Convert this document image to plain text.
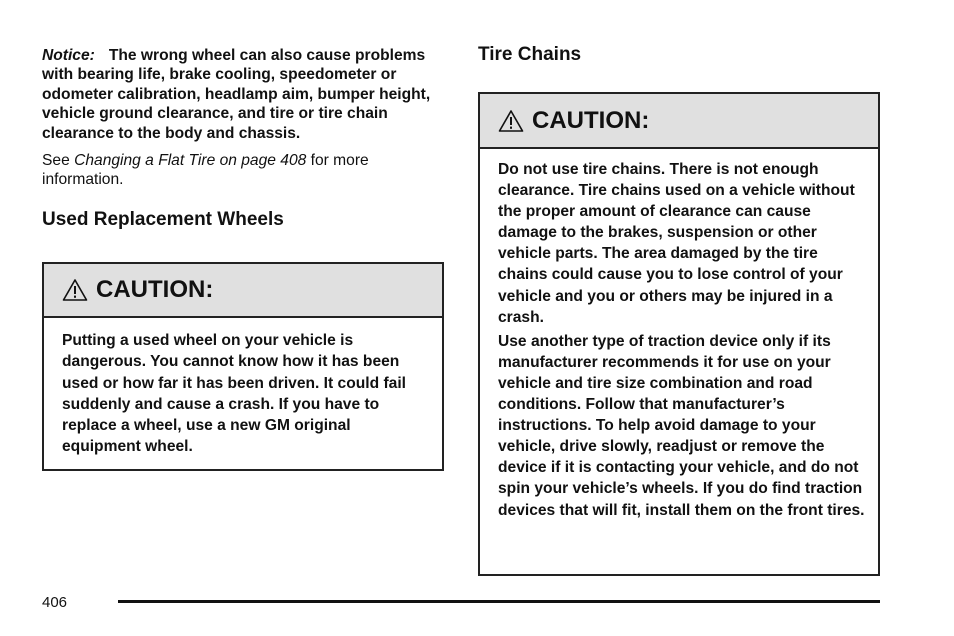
Notice: The wrong wheel can also cause problems with bearing life, brake cooling, speedometer or odometer calibration, headlamp aim, bumper height, vehicle ground clearance, and tire or tire chain clearance to the body and chassis.

See Changing a Flat Tire on page 408 for more information.

Used Replacement Wheels
CAUTION:

Putting a used wheel on your vehicle is dangerous. You cannot know how it has been used or how far it has been driven. It could fail suddenly and cause a crash. If you have to replace a wheel, use a new GM original equipment wheel.

Tire Chains
CAUTION:

Do not use tire chains. There is not enough clearance. Tire chains used on a vehicle without the proper amount of clearance can cause damage to the brakes, suspension or other vehicle parts. The area damaged by the tire chains could cause you to lose control of your vehicle and you or others may be injured in a crash.

Use another type of traction device only if its manufacturer recommends it for use on your vehicle and tire size combination and road conditions. Follow that manufacturer’s instructions. To help avoid damage to your vehicle, drive slowly, readjust or remove the device if it is contacting your vehicle, and do not spin your vehicle’s wheels. If you do find traction devices that will fit, install them on the front tires.

406
